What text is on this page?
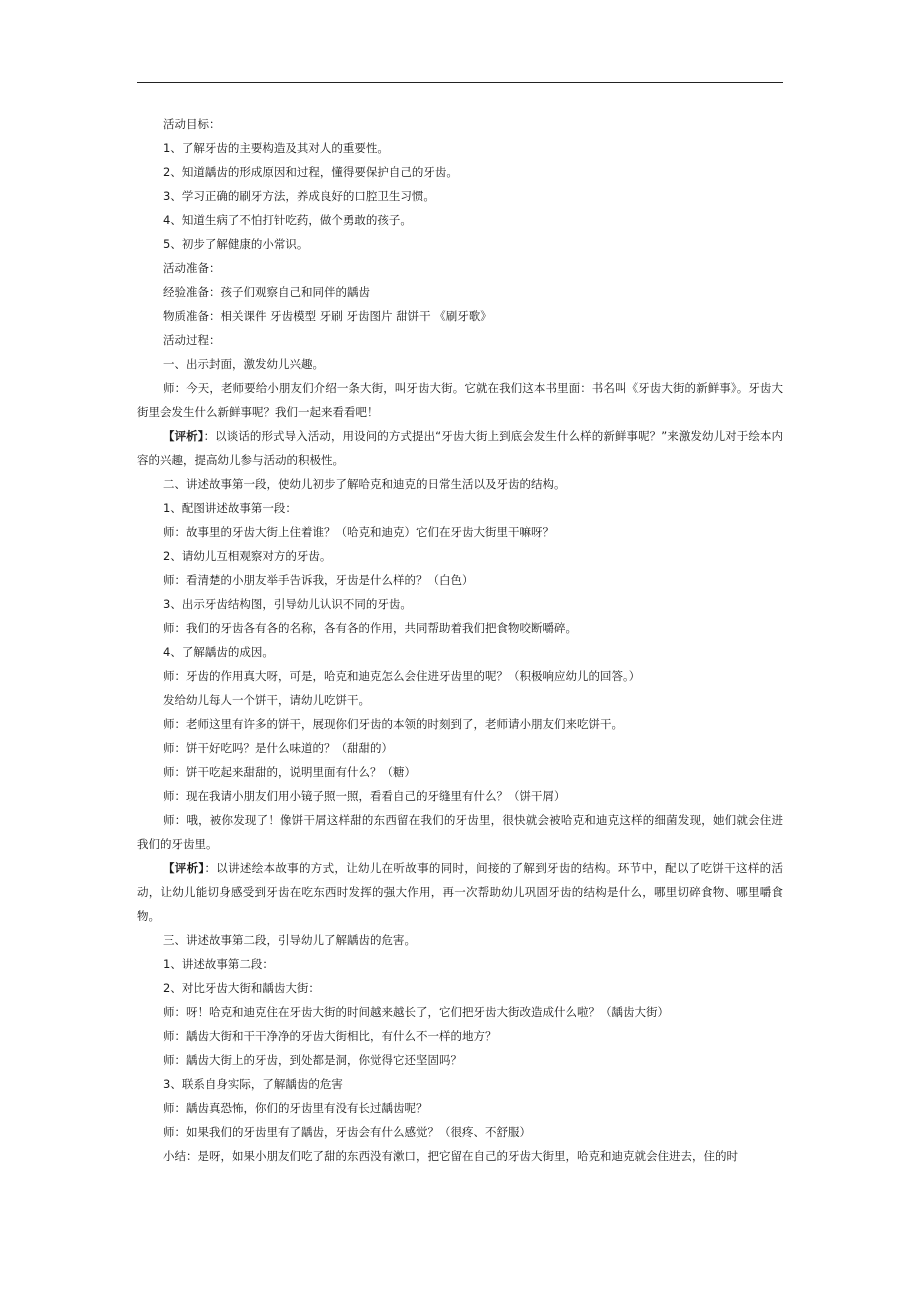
活动目标：
1、了解牙齿的主要构造及其对人的重要性。
2、知道龋齿的形成原因和过程，懂得要保护自己的牙齿。
3、学习正确的刷牙方法，养成良好的口腔卫生习惯。
4、知道生病了不怕打针吃药，做个勇敢的孩子。
5、初步了解健康的小常识。
活动准备：
经验准备：孩子们观察自己和同伴的龋齿
物质准备：相关课件 牙齿模型 牙刷 牙齿图片 甜饼干 《刷牙歌》
活动过程：
一、出示封面，激发幼儿兴趣。
师：今天，老师要给小朋友们介绍一条大街，叫牙齿大街。它就在我们这本书里面：书名叫《牙齿大街的新鲜事》。牙齿大街里会发生什么新鲜事呢？我们一起来看看吧！
【评析】：以谈话的形式导入活动，用设问的方式提出“牙齿大街上到底会发生什么样的新鲜事呢？”来激发幼儿对于绘本内容的兴趣，提高幼儿参与活动的积极性。
二、讲述故事第一段，使幼儿初步了解哈克和迪克的日常生活以及牙齿的结构。
1、配图讲述故事第一段：
师：故事里的牙齿大街上住着谁？（哈克和迪克）它们在牙齿大街里干嘛呀？
2、请幼儿互相观察对方的牙齿。
师：看清楚的小朋友举手告诉我，牙齿是什么样的？（白色）
3、出示牙齿结构图，引导幼儿认识不同的牙齿。
师：我们的牙齿各有各的名称，各有各的作用，共同帮助着我们把食物咬断嚼碎。
4、了解龋齿的成因。
师：牙齿的作用真大呀，可是，哈克和迪克怎么会住进牙齿里的呢？（积极响应幼儿的回答。）
发给幼儿每人一个饼干，请幼儿吃饼干。
师：老师这里有许多的饼干，展现你们牙齿的本领的时刻到了，老师请小朋友们来吃饼干。
师：饼干好吃吗？是什么味道的？（甜甜的）
师：饼干吃起来甜甜的，说明里面有什么？（糖）
师：现在我请小朋友们用小镜子照一照，看看自己的牙缝里有什么？（饼干屑）
师：哦，被你发现了！像饼干屑这样甜的东西留在我们的牙齿里，很快就会被哈克和迪克这样的细菌发现，她们就会住进我们的牙齿里。
【评析】：以讲述绘本故事的方式，让幼儿在听故事的同时，间接的了解到牙齿的结构。环节中，配以了吃饼干这样的活动，让幼儿能切身感受到牙齿在吃东西时发挥的强大作用，再一次帮助幼儿巩固牙齿的结构是什么，哪里切碎食物、哪里嚼食物。
三、讲述故事第二段，引导幼儿了解龋齿的危害。
1、讲述故事第二段：
2、对比牙齿大街和龋齿大街：
师：呀！哈克和迪克住在牙齿大街的时间越来越长了，它们把牙齿大街改造成什么啦？（龋齿大街）
师：龋齿大街和干干净净的牙齿大街相比，有什么不一样的地方？
师：龋齿大街上的牙齿，到处都是洞，你觉得它还坚固吗？
3、联系自身实际，了解龋齿的危害
师：龋齿真恐怖，你们的牙齿里有没有长过龋齿呢？
师：如果我们的牙齿里有了龋齿，牙齿会有什么感觉？（很疼、不舒服）
小结：是呀，如果小朋友们吃了甜的东西没有漱口，把它留在自己的牙齿大街里，哈克和迪克就会住进去，住的时
